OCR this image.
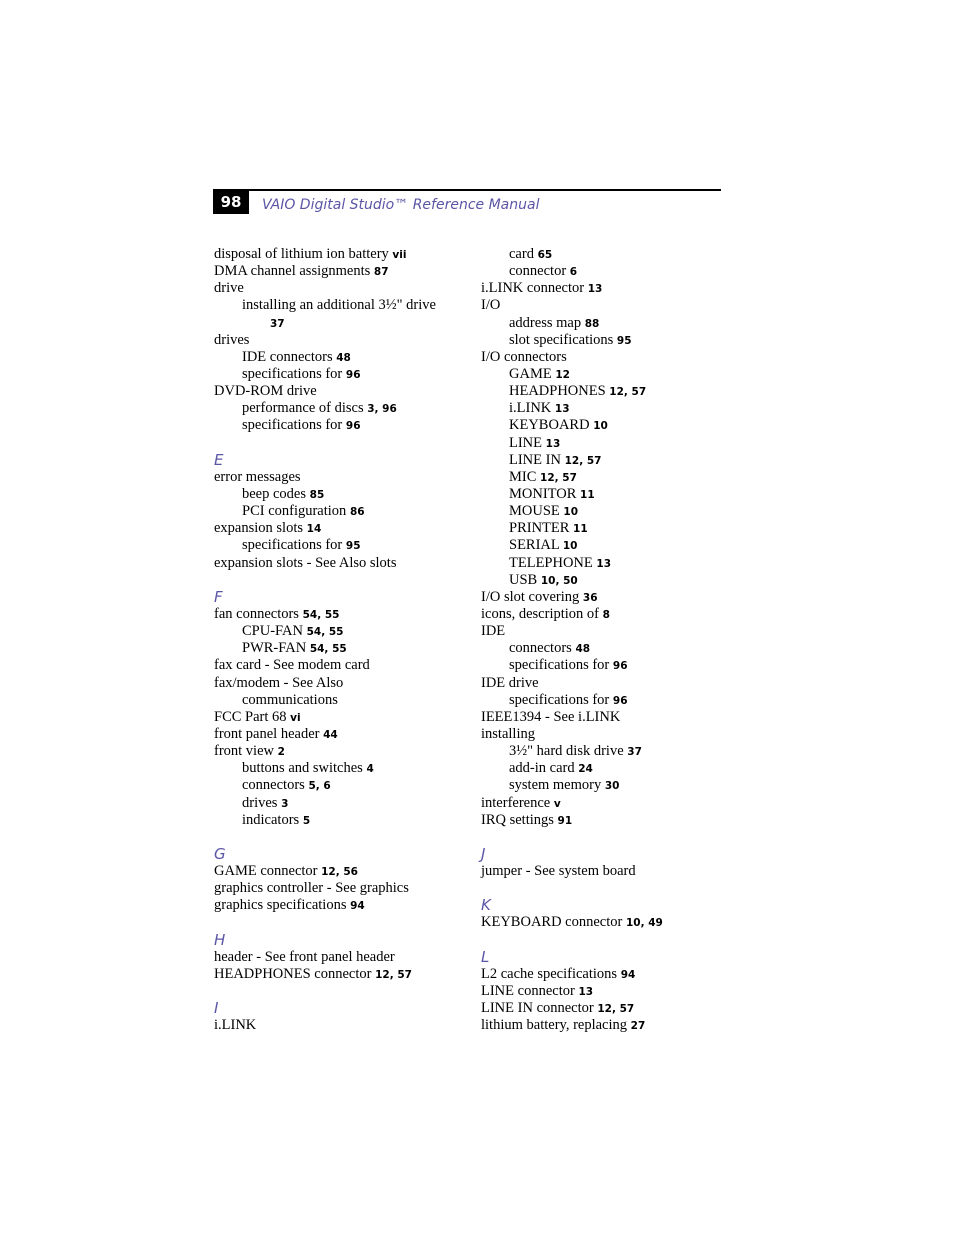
98	VAIO Digital Studio™ Reference Manual
disposal of lithium ion battery vii
DMA channel assignments 87
drive
installing an additional 3½" drive
37
drives
IDE connectors 48
specifications for 96
DVD-ROM drive
performance of discs 3, 96
specifications for 96
E
error messages
beep codes 85
PCI configuration 86
expansion slots 14
specifications for 95
expansion slots - See Also slots
F
fan connectors 54, 55
CPU-FAN 54, 55
PWR-FAN 54, 55
fax card - See modem card
fax/modem - See Also
communications
FCC Part 68 vi
front panel header 44
front view 2
buttons and switches 4
connectors 5, 6
drives 3
indicators 5
G
GAME connector 12, 56
graphics controller - See graphics
graphics specifications 94
H
header - See front panel header
HEADPHONES connector 12, 57
I
i.LINK
card 65
connector 6
i.LINK connector 13
I/O
address map 88
slot specifications 95
I/O connectors
GAME 12
HEADPHONES 12, 57
i.LINK 13
KEYBOARD 10
LINE 13
LINE IN 12, 57
MIC 12, 57
MONITOR 11
MOUSE 10
PRINTER 11
SERIAL 10
TELEPHONE 13
USB 10, 50
I/O slot covering 36
icons, description of 8
IDE
connectors 48
specifications for 96
IDE drive
specifications for 96
IEEE1394 - See i.LINK
installing
3½" hard disk drive 37
add-in card 24
system memory 30
interference v
IRQ settings 91
J
jumper - See system board
K
KEYBOARD connector 10, 49
L
L2 cache specifications 94
LINE connector 13
LINE IN connector 12, 57
lithium battery, replacing 27
